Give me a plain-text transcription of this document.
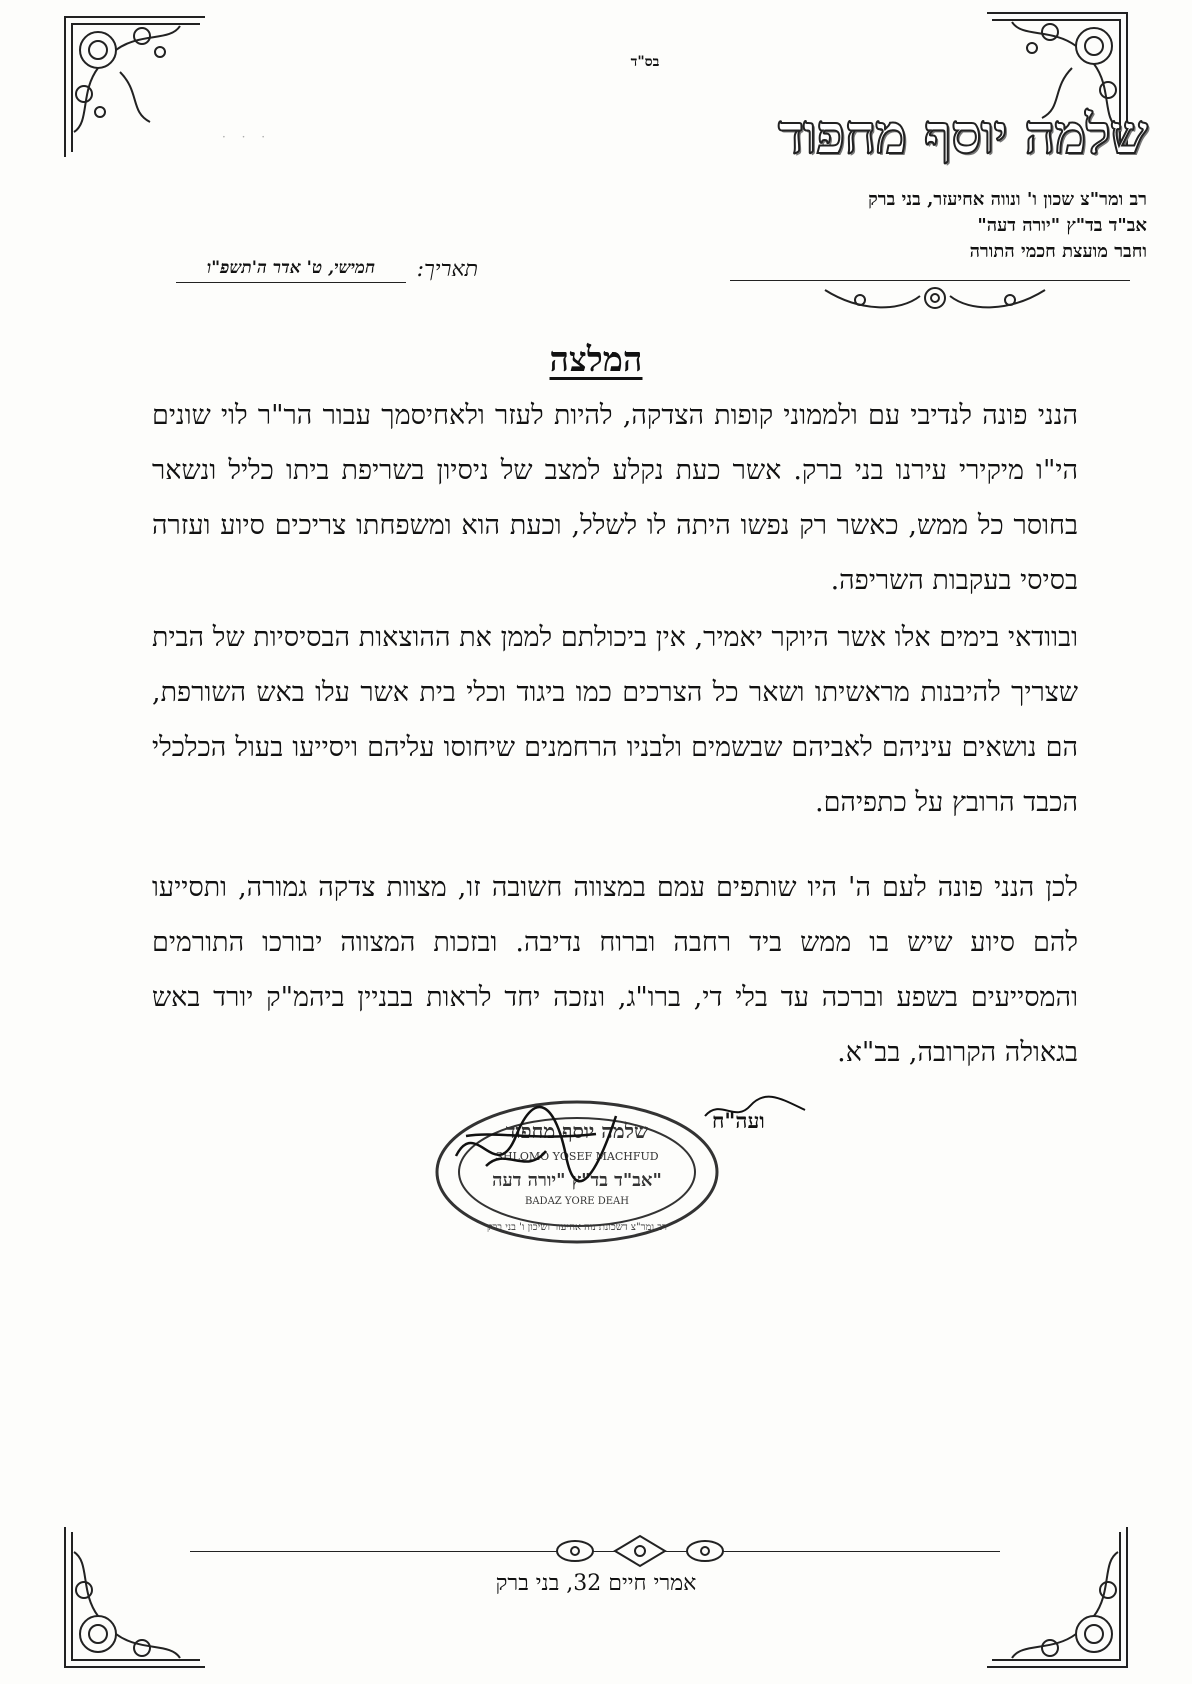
בס"ד
· · ·	שלמה יוסף מחפוד
רב ומר"צ שכון ו' ונווה אחיעזר, בני ברק
אב"ד בד"ץ "יורה דעה"
וחבר מועצת חכמי התורה
תאריך:
חמישי, ט' אדר ה'תשפ"ו
המלצה
הנני פונה לנדיבי עם ולממוני קופות הצדקה, להיות לעזר ולאחיסמך עבור הר"ר לוי שונים הי"ו מיקירי עירנו בני ברק. אשר כעת נקלע למצב של ניסיון בשריפת ביתו כליל ונשאר בחוסר כל ממש, כאשר רק נפשו היתה לו לשלל, וכעת הוא ומשפחתו צריכים סיוע ועזרה בסיסי בעקבות השריפה.
ובוודאי בימים אלו אשר היוקר יאמיר, אין ביכולתם לממן את ההוצאות הבסיסיות של הבית שצריך להיבנות מראשיתו ושאר כל הצרכים כמו ביגוד וכלי בית אשר עלו באש השורפת, הם נושאים עיניהם לאביהם שבשמים ולבניו הרחמנים שיחוסו עליהם ויסייעו בעול הכלכלי הכבד הרובץ על כתפיהם.
לכן הנני פונה לעם ה' היו שותפים עמם במצווה חשובה זו, מצוות צדקה גמורה, ותסייעו להם סיוע שיש בו ממש ביד רחבה וברוח נדיבה. ובזכות המצווה יבורכו התורמים והמסייעים בשפע וברכה עד בלי די, ברו"ג, ונזכה יחד לראות בבניין ביהמ"ק יורד באש בגאולה הקרובה, בב"א.
ועה"ח
שלמה יוסף מחפוד
SHLOMO YOSEF MACHFUD
אב"ד בד"ץ "יורה דעה"
BADAZ YORE DEAH
רב ומר"צ דשכונת נוה אחיעזר ושיכון ו' בני ברק
אמרי חיים 32, בני ברק
